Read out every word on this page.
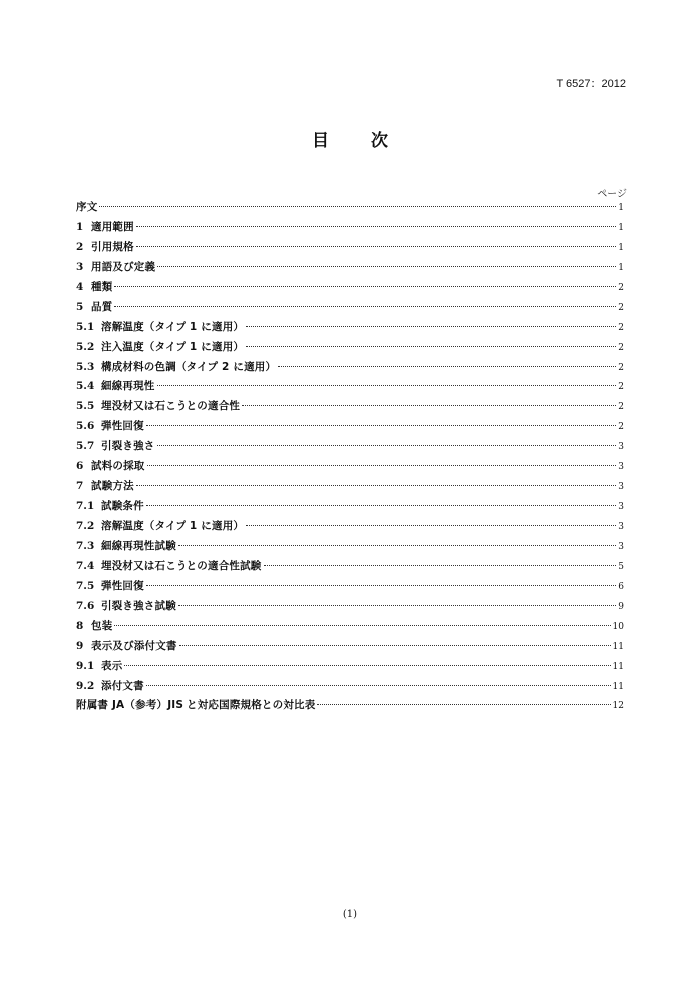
T 6527：2012
目 次
ページ
序文	1
1 適用範囲	1
2 引用規格	1
3 用語及び定義	1
4 種類	2
5 品質	2
5.1 溶解温度（タイプ 1 に適用）	2
5.2 注入温度（タイプ 1 に適用）	2
5.3 構成材料の色調（タイプ 2 に適用）	2
5.4 細線再現性	2
5.5 埋没材又は石こうとの適合性	2
5.6 弾性回復	2
5.7 引裂き強さ	3
6 試料の採取	3
7 試験方法	3
7.1 試験条件	3
7.2 溶解温度（タイプ 1 に適用）	3
7.3 細線再現性試験	3
7.4 埋没材又は石こうとの適合性試験	5
7.5 弾性回復	6
7.6 引裂き強さ試験	9
8 包装	10
9 表示及び添付文書	11
9.1 表示	11
9.2 添付文書	11
附属書 JA（参考）JIS と対応国際規格との対比表	12
(1)
